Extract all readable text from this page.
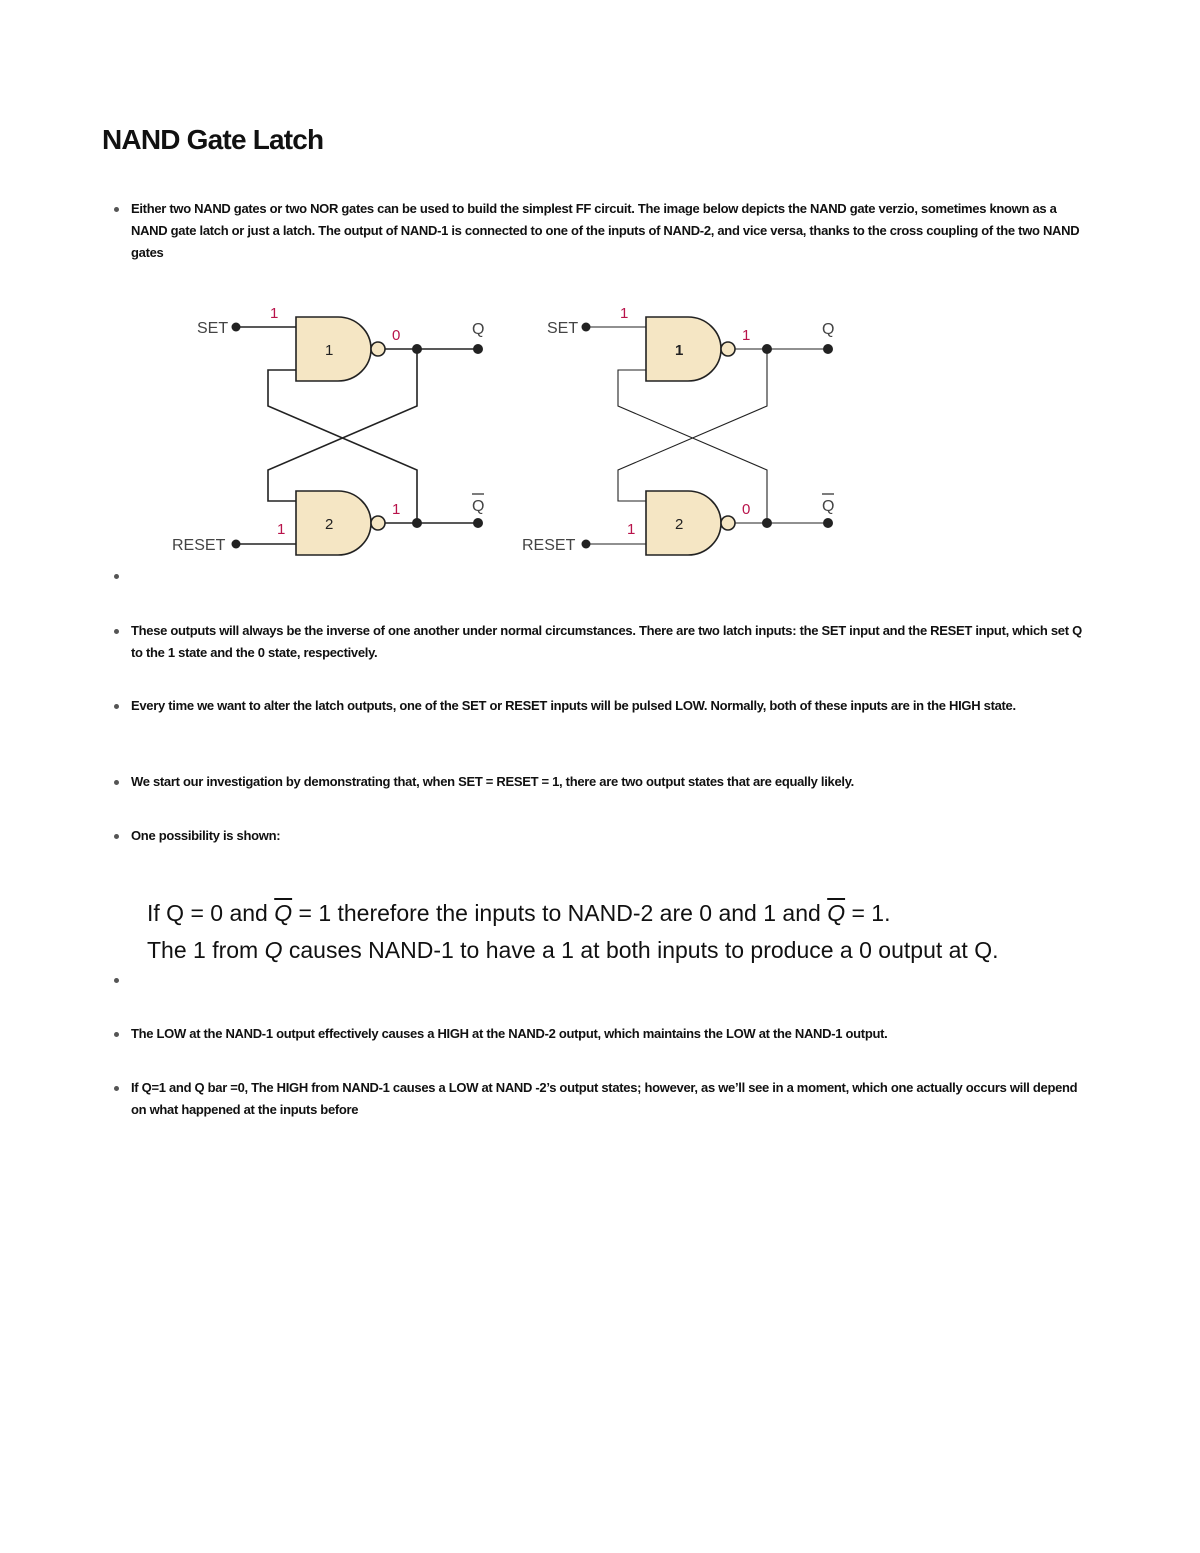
NAND Gate Latch

Either two NAND gates or two NOR gates can be used to build the simplest FF circuit. The image below depicts the NAND gate verzio, sometimes known as a NAND gate latch or just a latch. The output of NAND-1 is connected to one of the inputs of NAND-2, and vice versa, thanks to the cross coupling of the two NAND gates

SET
RESET
1
1
1
2
0
1
Q
Q
SET
RESET
1
1
1
2
1
0
Q
Q

These outputs will always be the inverse of one another under normal circumstances. There are two latch inputs: the SET input and the RESET input, which set Q to the 1 state and the 0 state, respectively.

Every time we want to alter the latch outputs, one of the SET or RESET inputs will be pulsed LOW. Normally, both of these inputs are in the HIGH state.

We start our investigation by demonstrating that, when SET = RESET = 1, there are two output states that are equally likely.

One possibility is shown:

If Q = 0 and $\overline{Q} = 1$ therefore the inputs to NAND-2 are 0 and 1 and $\overline{Q} = 1$.
The 1 from Q causes NAND-1 to have a 1 at both inputs to produce a 0 output at Q.

The LOW at the NAND-1 output effectively causes a HIGH at the NAND-2 output, which maintains the LOW at the NAND-1 output.

If Q=1 and Q bar =0, The HIGH from NAND-1 causes a LOW at NAND -2’s output states; however, as we’ll see in a moment, which one actually occurs will depend on what happened at the inputs before
